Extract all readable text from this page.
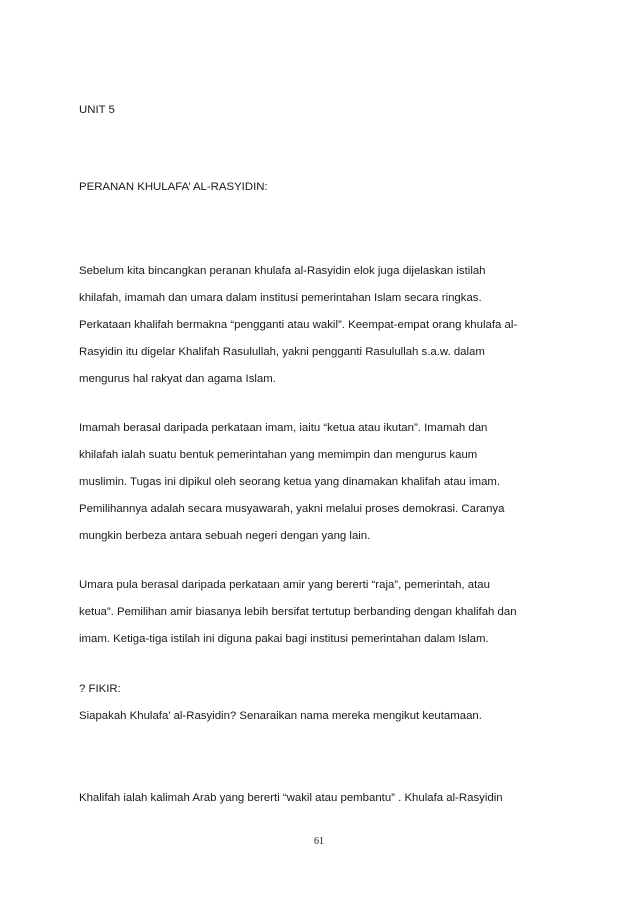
UNIT 5
PERANAN KHULAFA’ AL-RASYIDIN:
Sebelum kita bincangkan peranan khulafa al-Rasyidin elok juga dijelaskan istilah
khilafah, imamah dan umara dalam institusi pemerintahan Islam secara ringkas.
Perkataan khalifah bermakna “pengganti atau wakil”. Keempat-empat orang khulafa al-
Rasyidin itu digelar Khalifah Rasulullah, yakni pengganti Rasulullah s.a.w. dalam
mengurus hal rakyat dan agama Islam.
Imamah berasal daripada perkataan imam, iaitu “ketua atau ikutan”. Imamah dan
khilafah ialah suatu bentuk pemerintahan yang memimpin dan mengurus kaum
muslimin. Tugas ini dipikul oleh seorang ketua yang dinamakan khalifah atau imam.
Pemilihannya adalah secara musyawarah, yakni melalui proses demokrasi. Caranya
mungkin berbeza antara sebuah negeri dengan yang lain.
Umara pula berasal daripada perkataan amir yang bererti “raja”, pemerintah, atau
ketua”. Pemilihan amir biasanya lebih bersifat tertutup berbanding dengan khalifah dan
imam. Ketiga-tiga istilah ini diguna pakai bagi institusi pemerintahan dalam Islam.
? FIKIR:
Siapakah Khulafa’ al-Rasyidin? Senaraikan nama mereka mengikut keutamaan.
Khalifah ialah kalimah Arab yang bererti “wakil atau pembantu” . Khulafa al-Rasyidin
61
